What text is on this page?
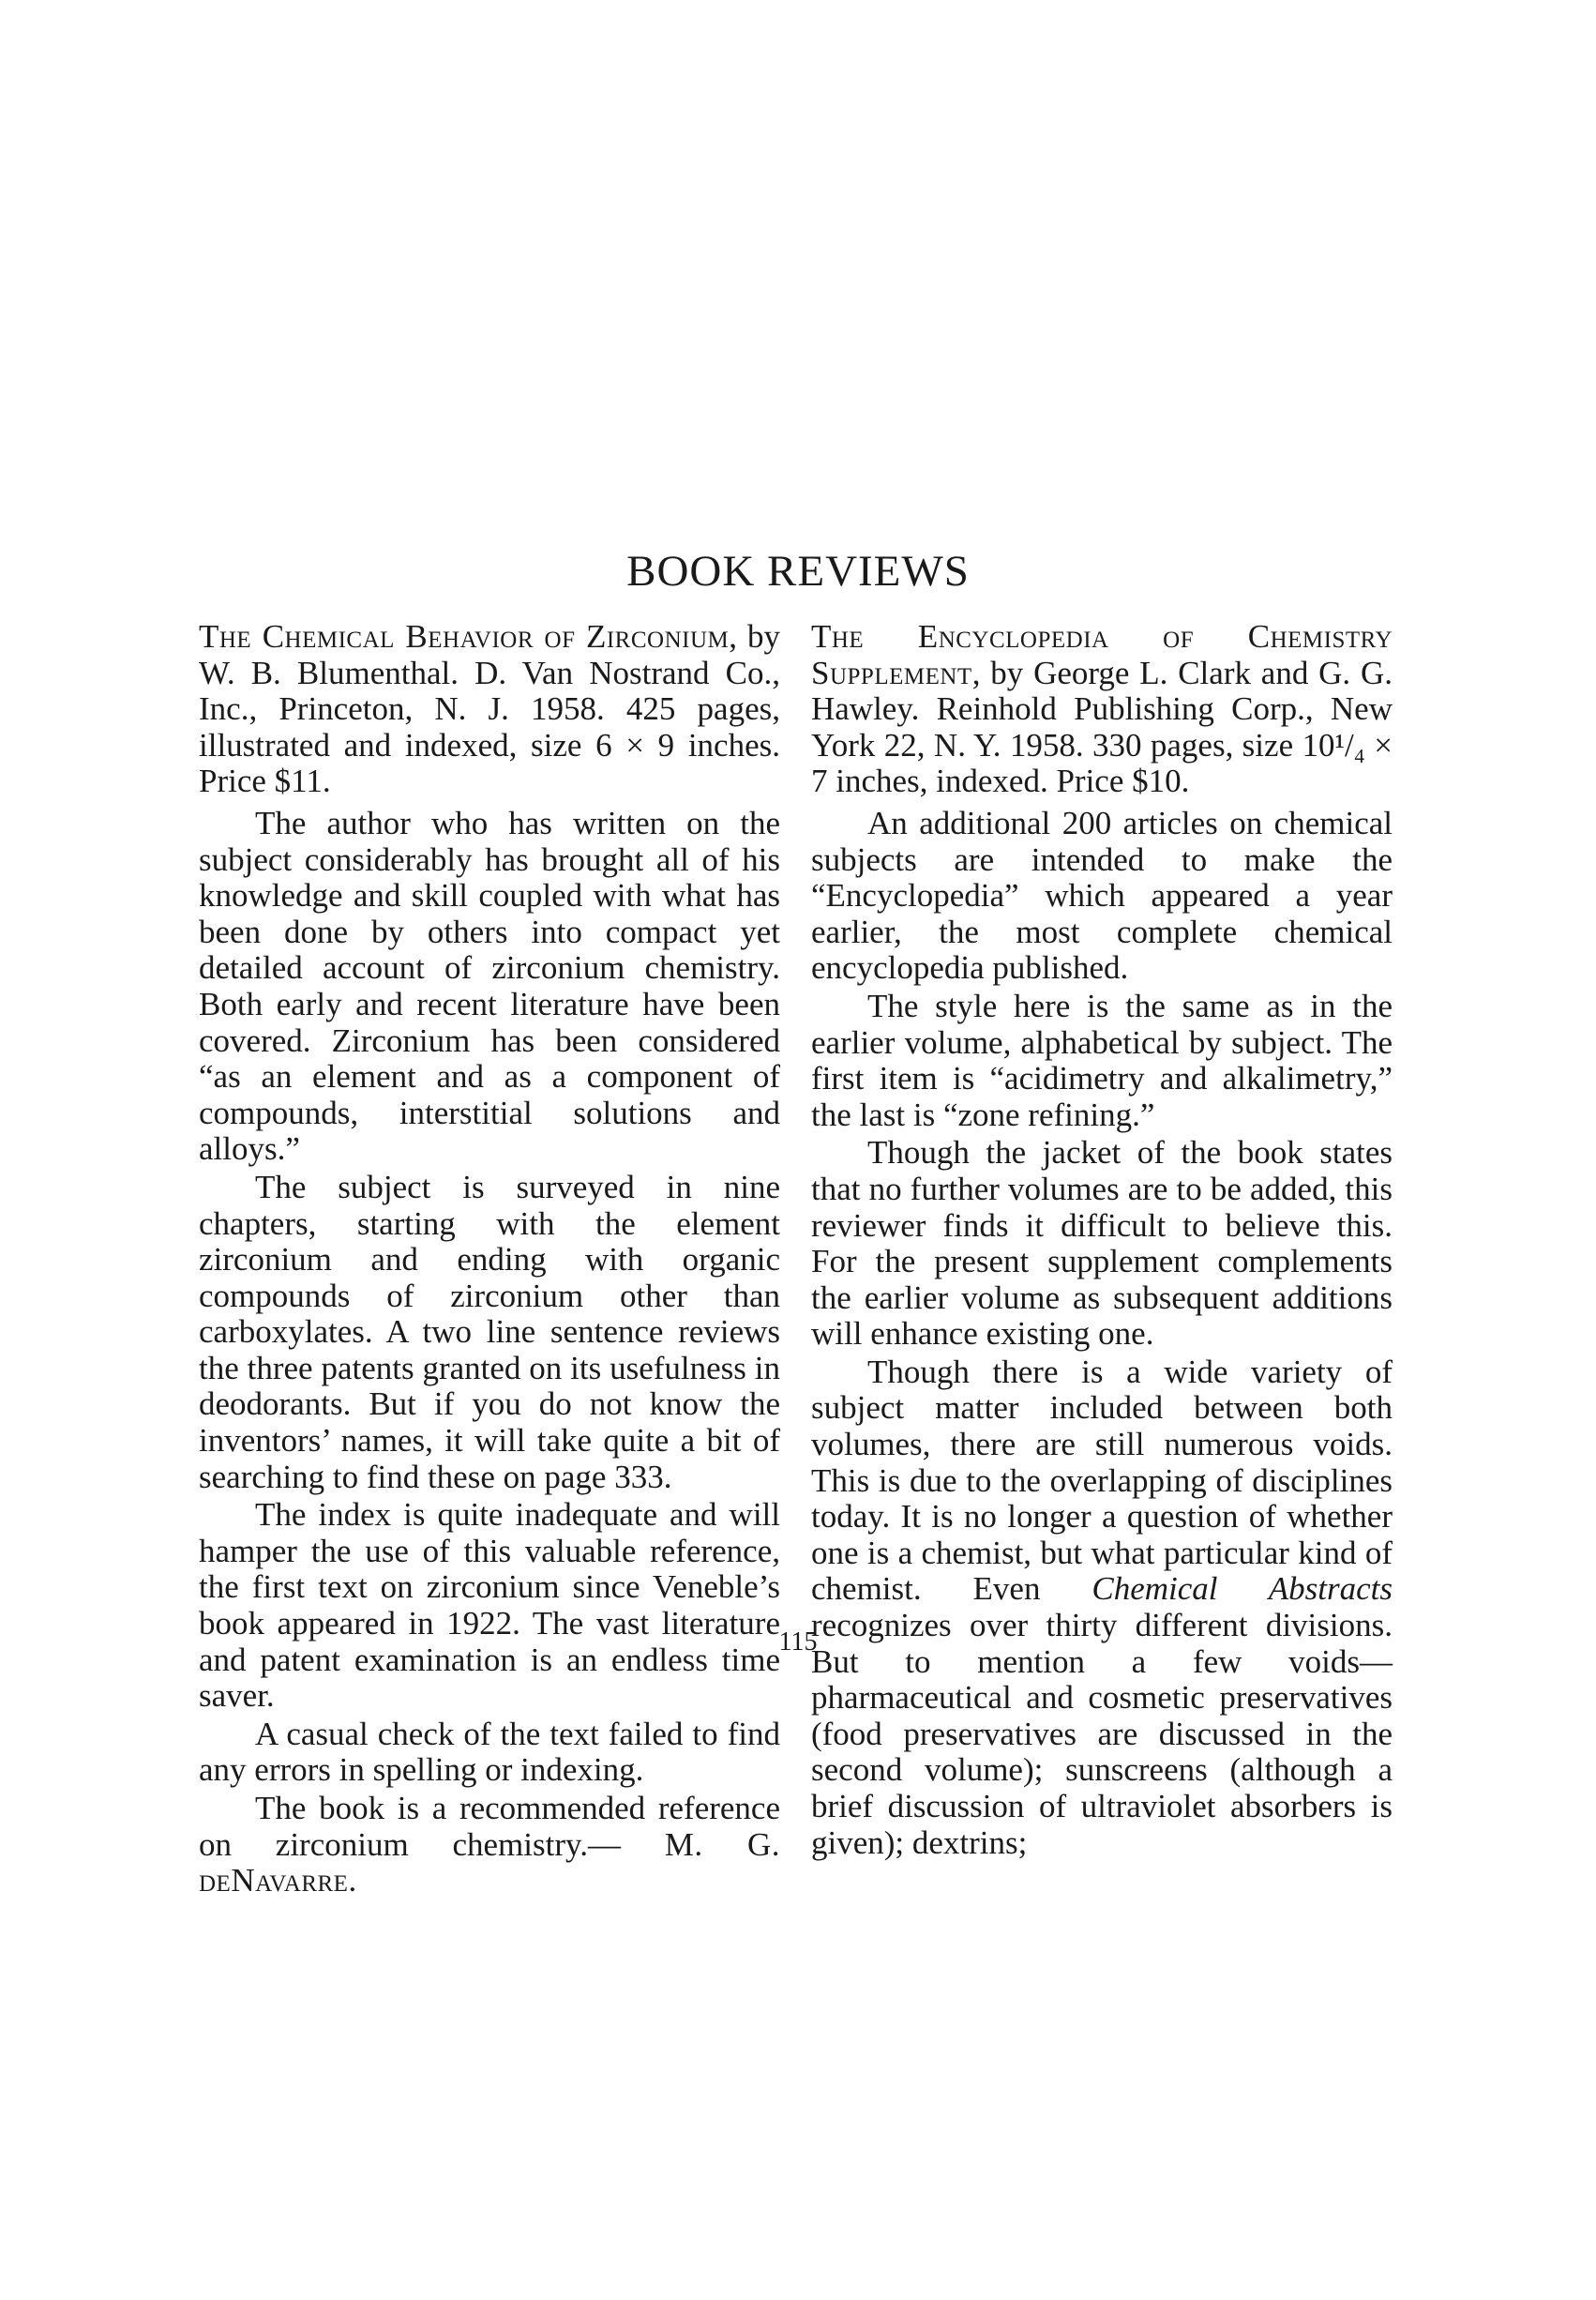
BOOK REVIEWS

The Chemical Behavior of Zirconium, by W. B. Blumenthal. D. Van Nostrand Co., Inc., Princeton, N. J. 1958. 425 pages, illustrated and indexed, size 6 × 9 inches. Price $11.

The author who has written on the subject considerably has brought all of his knowledge and skill coupled with what has been done by others into compact yet detailed account of zirconium chemistry. Both early and recent literature have been covered. Zirconium has been considered “as an element and as a component of compounds, interstitial solutions and alloys.”

The subject is surveyed in nine chapters, starting with the element zirconium and ending with organic compounds of zirconium other than carboxylates. A two line sentence reviews the three patents granted on its usefulness in deodorants. But if you do not know the inventors’ names, it will take quite a bit of searching to find these on page 333.

The index is quite inadequate and will hamper the use of this valuable reference, the first text on zirconium since Veneble’s book appeared in 1922. The vast literature and patent examination is an endless time saver.

A casual check of the text failed to find any errors in spelling or indexing.

The book is a recommended reference on zirconium chemistry.— M. G. deNavarre.

The Encyclopedia of Chemistry Supplement, by George L. Clark and G. G. Hawley. Reinhold Publishing Corp., New York 22, N. Y. 1958. 330 pages, size 10¹/₄ × 7 inches, indexed. Price $10.

An additional 200 articles on chemical subjects are intended to make the “Encyclopedia” which appeared a year earlier, the most complete chemical encyclopedia published.

The style here is the same as in the earlier volume, alphabetical by subject. The first item is “acidimetry and alkalimetry,” the last is “zone refining.”

Though the jacket of the book states that no further volumes are to be added, this reviewer finds it difficult to believe this. For the present supplement complements the earlier volume as subsequent additions will enhance existing one.

Though there is a wide variety of subject matter included between both volumes, there are still numerous voids. This is due to the overlapping of disciplines today. It is no longer a question of whether one is a chemist, but what particular kind of chemist. Even Chemical Abstracts recognizes over thirty different divisions. But to mention a few voids—pharmaceutical and cosmetic preservatives (food preservatives are discussed in the second volume); sunscreens (although a brief discussion of ultraviolet absorbers is given); dextrins;

115
